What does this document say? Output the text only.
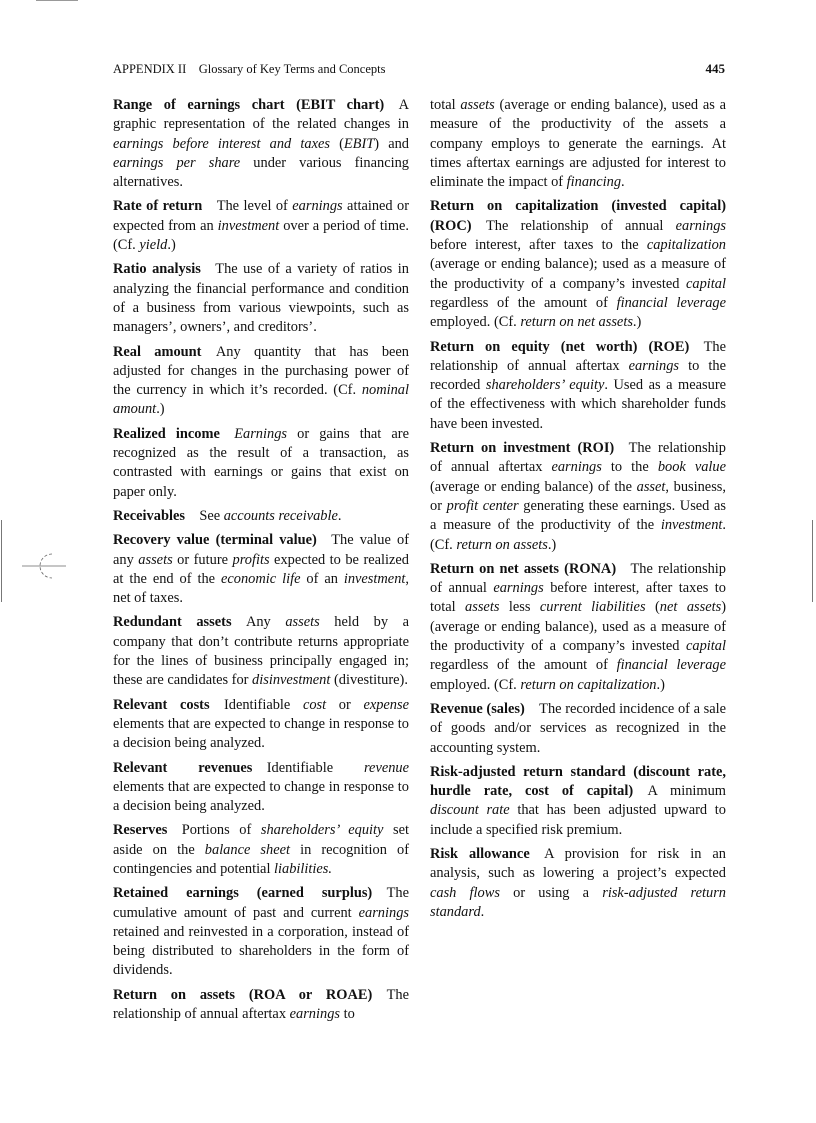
APPENDIX II    Glossary of Key Terms and Concepts	445

Range of earnings chart (EBIT chart)  A graphic representation of the related changes in earnings before interest and taxes (EBIT) and earnings per share under various financing alternatives.

Rate of return  The level of earnings attained or expected from an investment over a period of time. (Cf. yield.)

Ratio analysis  The use of a variety of ratios in analyzing the financial performance and condition of a business from various viewpoints, such as managers’, owners’, and creditors’.

Real amount  Any quantity that has been adjusted for changes in the purchasing power of the currency in which it’s recorded. (Cf. nominal amount.)

Realized income  Earnings or gains that are recognized as the result of a transaction, as contrasted with earnings or gains that exist on paper only.

Receivables  See accounts receivable.

Recovery value (terminal value)  The value of any assets or future profits expected to be realized at the end of the economic life of an investment, net of taxes.

Redundant assets  Any assets held by a company that don’t contribute returns appropriate for the lines of business principally engaged in; these are candidates for disinvestment (divestiture).

Relevant costs  Identifiable cost or expense elements that are expected to change in response to a decision being analyzed.

Relevant revenues  Identifiable revenue elements that are expected to change in response to a decision being analyzed.

Reserves  Portions of shareholders’ equity set aside on the balance sheet in recognition of contingencies and potential liabilities.

Retained earnings (earned surplus)  The cumulative amount of past and current earnings retained and reinvested in a corporation, instead of being distributed to shareholders in the form of dividends.

Return on assets (ROA or ROAE)  The relationship of annual aftertax earnings to

total assets (average or ending balance), used as a measure of the productivity of the assets a company employs to generate the earnings. At times aftertax earnings are adjusted for interest to eliminate the impact of financing.

Return on capitalization (invested capital) (ROC)  The relationship of annual earnings before interest, after taxes to the capitalization (average or ending balance); used as a measure of the productivity of a company’s invested capital regardless of the amount of financial leverage employed. (Cf. return on net assets.)

Return on equity (net worth) (ROE)  The relationship of annual aftertax earnings to the recorded shareholders’ equity. Used as a measure of the effectiveness with which shareholder funds have been invested.

Return on investment (ROI)  The relationship of annual aftertax earnings to the book value (average or ending balance) of the asset, business, or profit center generating these earnings. Used as a measure of the productivity of the investment. (Cf. return on assets.)

Return on net assets (RONA)  The relationship of annual earnings before interest, after taxes to total assets less current liabilities (net assets) (average or ending balance), used as a measure of the productivity of a company’s invested capital regardless of the amount of financial leverage employed. (Cf. return on capitalization.)

Revenue (sales)  The recorded incidence of a sale of goods and/or services as recognized in the accounting system.

Risk-adjusted return standard (discount rate, hurdle rate, cost of capital)  A minimum discount rate that has been adjusted upward to include a specified risk premium.

Risk allowance  A provision for risk in an analysis, such as lowering a project’s expected cash flows or using a risk-adjusted return standard.
